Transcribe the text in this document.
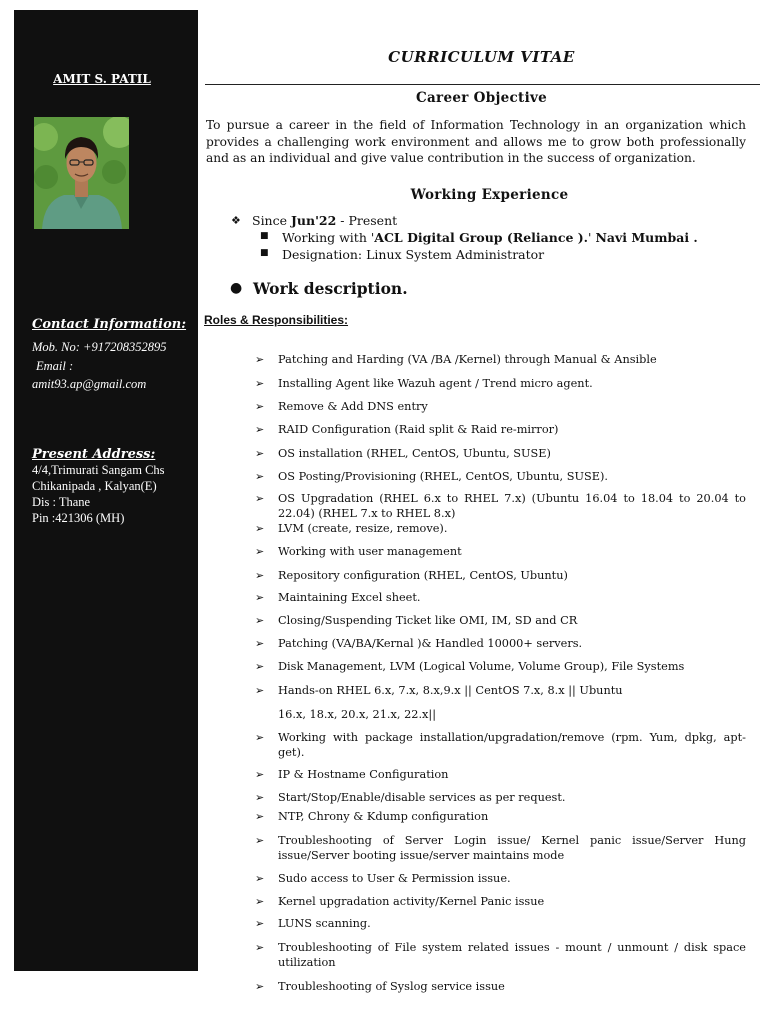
AMIT S. PATIL
Contact Information:
Mob. No: +917208352895
Email :
amit93.ap@gmail.com
Present Address:
4/4,Trimurati Sangam Chs
Chikanipada , Kalyan(E)
Dis : Thane
Pin :421306 (MH)
CURRICULUM VITAE
Career Objective
To pursue a career in the field of Information Technology in an organization which provides a challenging work environment and allows me to grow both professionally and as an individual and give value contribution in the success of organization.
Working Experience
❖ Since Jun'22 - Present
■ Working with 'ACL Digital Group (Reliance ).' Navi Mumbai .
■ Designation: Linux System Administrator
● Work description.
Roles & Responsibilities:
➢ Patching and Harding (VA /BA /Kernel) through Manual & Ansible
➢ Installing Agent like Wazuh agent / Trend micro agent.
➢ Remove & Add DNS entry
➢ RAID Configuration (Raid split & Raid re-mirror)
➢ OS installation (RHEL, CentOS, Ubuntu, SUSE)
➢ OS Posting/Provisioning (RHEL, CentOS, Ubuntu, SUSE).
➢ OS Upgradation (RHEL 6.x to RHEL 7.x) (Ubuntu 16.04 to 18.04 to 20.04 to 22.04) (RHEL 7.x to RHEL 8.x)
➢ LVM (create, resize, remove).
➢ Working with user management
➢ Repository configuration (RHEL, CentOS, Ubuntu)
➢ Maintaining Excel sheet.
➢ Closing/Suspending Ticket like OMI, IM, SD and CR
➢ Patching (VA/BA/Kernal )& Handled 10000+ servers.
➢ Disk Management, LVM (Logical Volume, Volume Group), File Systems
➢ Hands-on RHEL 6.x, 7.x, 8.x,9.x || CentOS 7.x, 8.x || Ubuntu
16.x, 18.x, 20.x, 21.x, 22.x||
➢ Working with package installation/upgradation/remove (rpm. Yum, dpkg, apt-get).
➢ IP & Hostname Configuration
➢ Start/Stop/Enable/disable services as per request.
➢ NTP, Chrony & Kdump configuration
➢ Troubleshooting of Server Login issue/ Kernel panic issue/Server Hung issue/Server booting issue/server maintains mode
➢ Sudo access to User & Permission issue.
➢ Kernel upgradation activity/Kernel Panic issue
➢ LUNS scanning.
➢ Troubleshooting of File system related issues - mount / unmount / disk space utilization
➢ Troubleshooting of Syslog service issue
